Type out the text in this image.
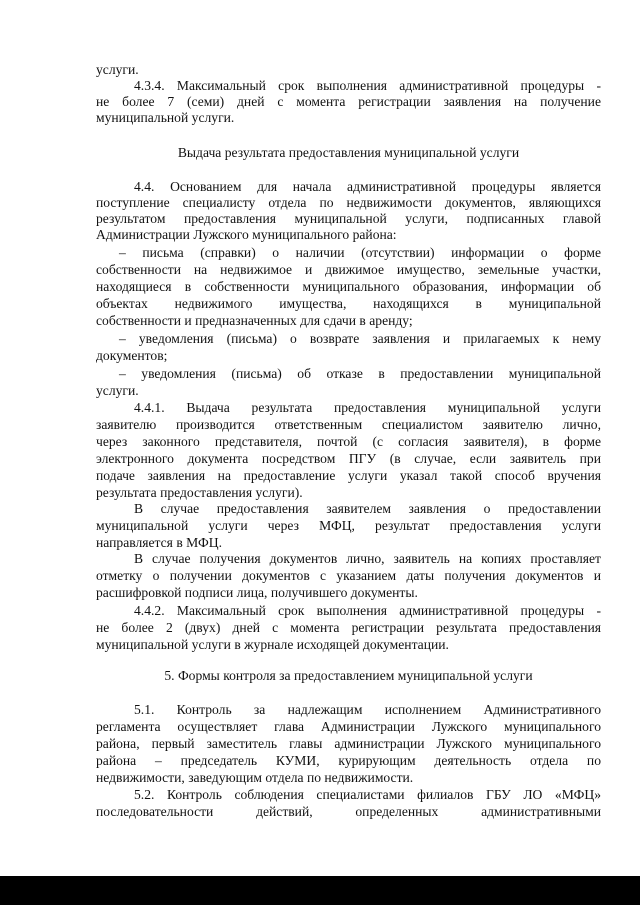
услуги.
4.3.4. Максимальный срок выполнения административной процедуры -
не более 7 (семи) дней с момента регистрации заявления на получение
муниципальной услуги.
Выдача результата предоставления муниципальной услуги
4.4. Основанием для начала административной процедуры является
поступление специалисту отдела по недвижимости документов, являющихся
результатом предоставления муниципальной услуги, подписанных главой
Администрации Лужского муниципального района:
– письма (справки) о наличии (отсутствии) информации о форме
собственности на недвижимое и движимое имущество, земельные участки,
находящиеся в собственности муниципального образования, информации об
объектах недвижимого имущества, находящихся в муниципальной
собственности и предназначенных для сдачи в аренду;
– уведомления (письма) о возврате заявления и прилагаемых к нему
документов;
– уведомления (письма) об отказе в предоставлении муниципальной
услуги.
4.4.1. Выдача результата предоставления муниципальной услуги
заявителю производится ответственным специалистом заявителю лично,
через законного представителя, почтой (с согласия заявителя), в форме
электронного документа посредством ПГУ (в случае, если заявитель при
подаче заявления на предоставление услуги указал такой способ вручения
результата предоставления услуги).
В случае предоставления заявителем заявления о предоставлении
муниципальной услуги через МФЦ, результат предоставления услуги
направляется в МФЦ.
В случае получения документов лично, заявитель на копиях проставляет
отметку о получении документов с указанием даты получения документов и
расшифровкой подписи лица, получившего документы.
4.4.2. Максимальный срок выполнения административной процедуры -
не более 2 (двух) дней с момента регистрации результата предоставления
муниципальной услуги в журнале исходящей документации.
5. Формы контроля за предоставлением муниципальной услуги
5.1. Контроль за надлежащим исполнением Административного
регламента осуществляет глава Администрации Лужского муниципального
района, первый заместитель главы администрации Лужского муниципального
района – председатель КУМИ, курирующим деятельность отдела по
недвижимости, заведующим отдела по недвижимости.
5.2. Контроль соблюдения специалистами филиалов ГБУ ЛО «МФЦ»
последовательности действий, определенных административными
